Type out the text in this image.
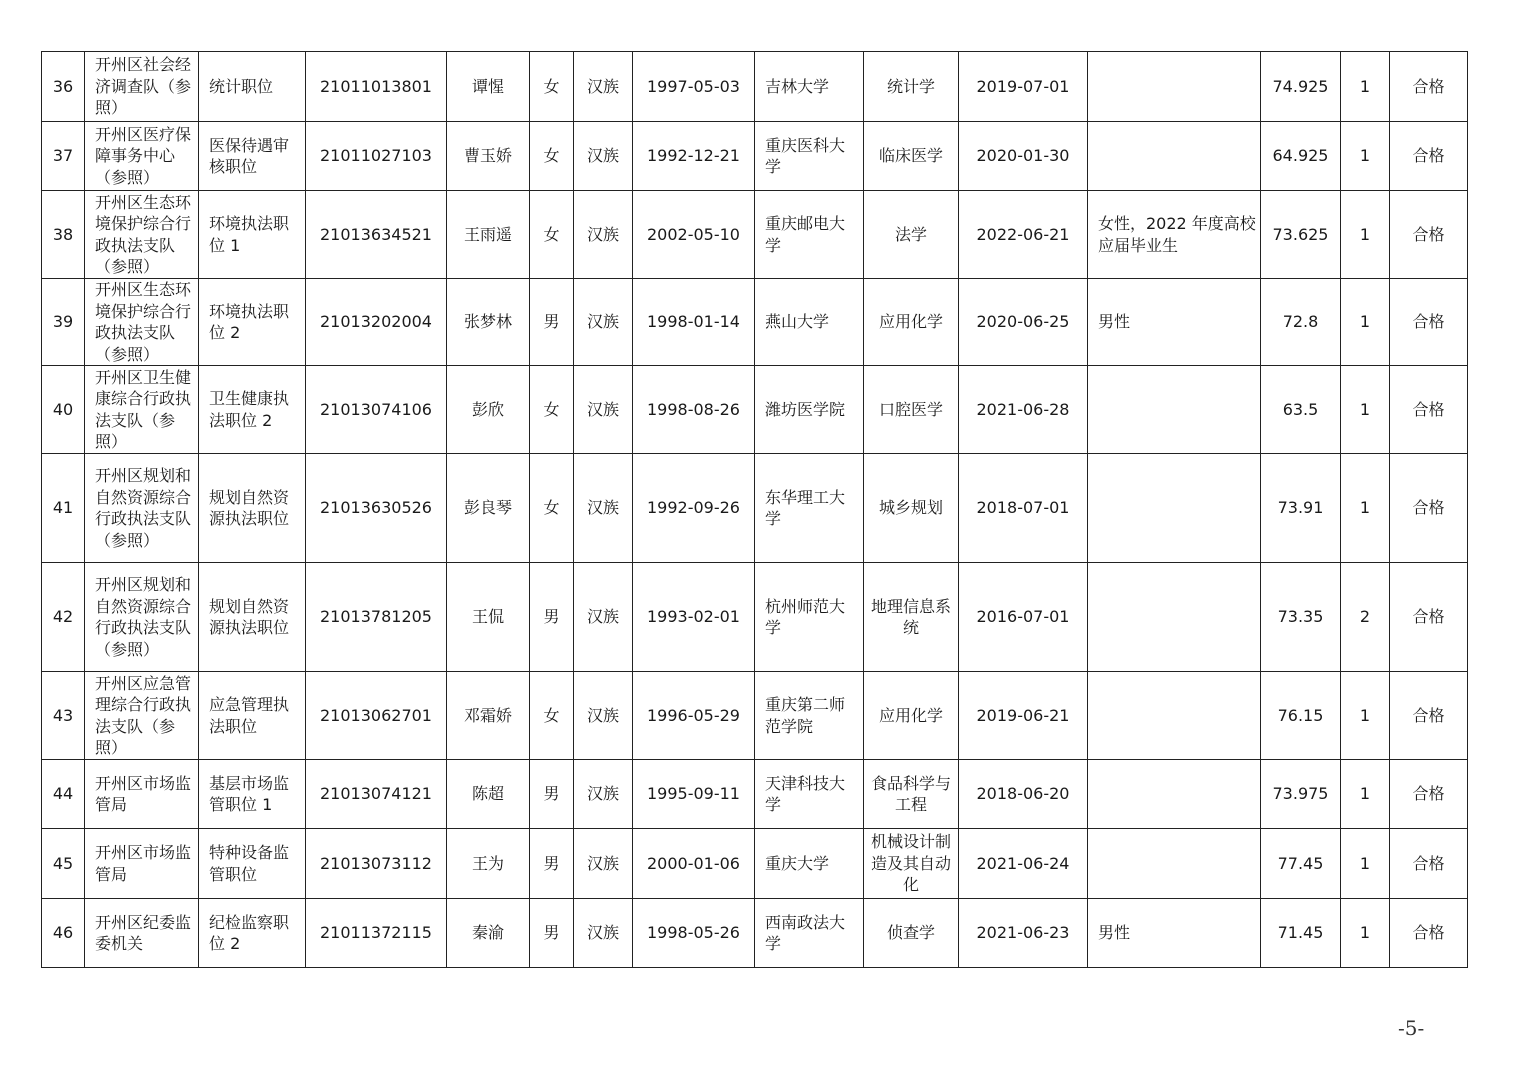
36	开州区社会经济调查队（参照）	统计职位	21011013801	谭惺	女	汉族	1997-05-03	吉林大学	统计学	2019-07-01		74.925	1	合格
37	开州区医疗保障事务中心（参照）	医保待遇审核职位	21011027103	曹玉娇	女	汉族	1992-12-21	重庆医科大学	临床医学	2020-01-30		64.925	1	合格
38	开州区生态环境保护综合行政执法支队（参照）	环境执法职位 1	21013634521	王雨遥	女	汉族	2002-05-10	重庆邮电大学	法学	2022-06-21	女性，2022 年度高校应届毕业生	73.625	1	合格
39	开州区生态环境保护综合行政执法支队（参照）	环境执法职位 2	21013202004	张梦林	男	汉族	1998-01-14	燕山大学	应用化学	2020-06-25	男性	72.8	1	合格
40	开州区卫生健康综合行政执法支队（参照）	卫生健康执法职位 2	21013074106	彭欣	女	汉族	1998-08-26	潍坊医学院	口腔医学	2021-06-28		63.5	1	合格
41	开州区规划和自然资源综合行政执法支队（参照）	规划自然资源执法职位	21013630526	彭良琴	女	汉族	1992-09-26	东华理工大学	城乡规划	2018-07-01		73.91	1	合格
42	开州区规划和自然资源综合行政执法支队（参照）	规划自然资源执法职位	21013781205	王侃	男	汉族	1993-02-01	杭州师范大学	地理信息系统	2016-07-01		73.35	2	合格
43	开州区应急管理综合行政执法支队（参照）	应急管理执法职位	21013062701	邓霜娇	女	汉族	1996-05-29	重庆第二师范学院	应用化学	2019-06-21		76.15	1	合格
44	开州区市场监管局	基层市场监管职位 1	21013074121	陈超	男	汉族	1995-09-11	天津科技大学	食品科学与工程	2018-06-20		73.975	1	合格
45	开州区市场监管局	特种设备监管职位	21013073112	王为	男	汉族	2000-01-06	重庆大学	机械设计制造及其自动化	2021-06-24		77.45	1	合格
46	开州区纪委监委机关	纪检监察职位 2	21011372115	秦渝	男	汉族	1998-05-26	西南政法大学	侦查学	2021-06-23	男性	71.45	1	合格
-5-
